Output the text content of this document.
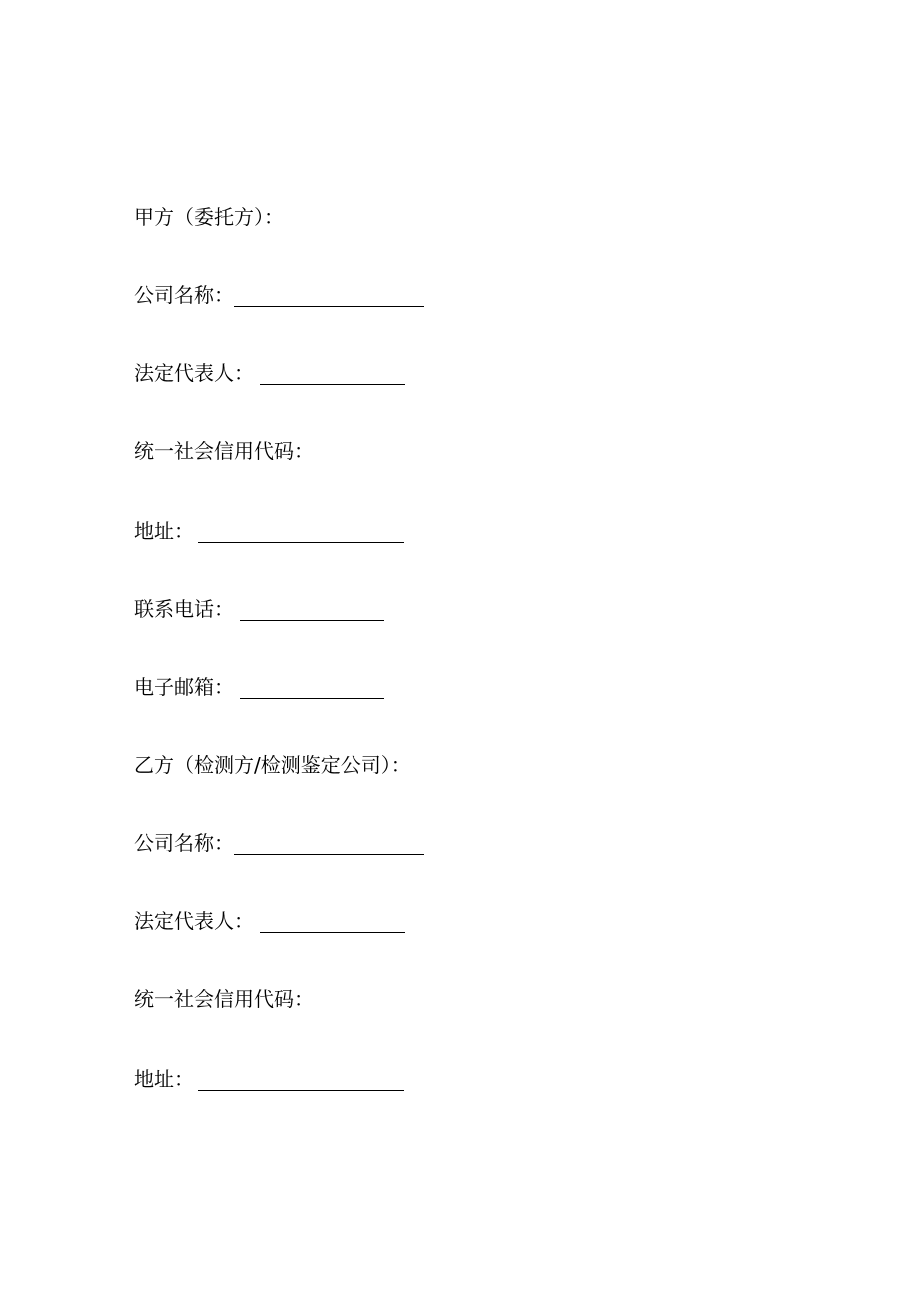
甲方（委托方）：
公司名称：
法定代表人：
统一社会信用代码：
地址：
联系电话：
电子邮箱：
乙方（检测方/检测鉴定公司）：
公司名称：
法定代表人：
统一社会信用代码：
地址：
